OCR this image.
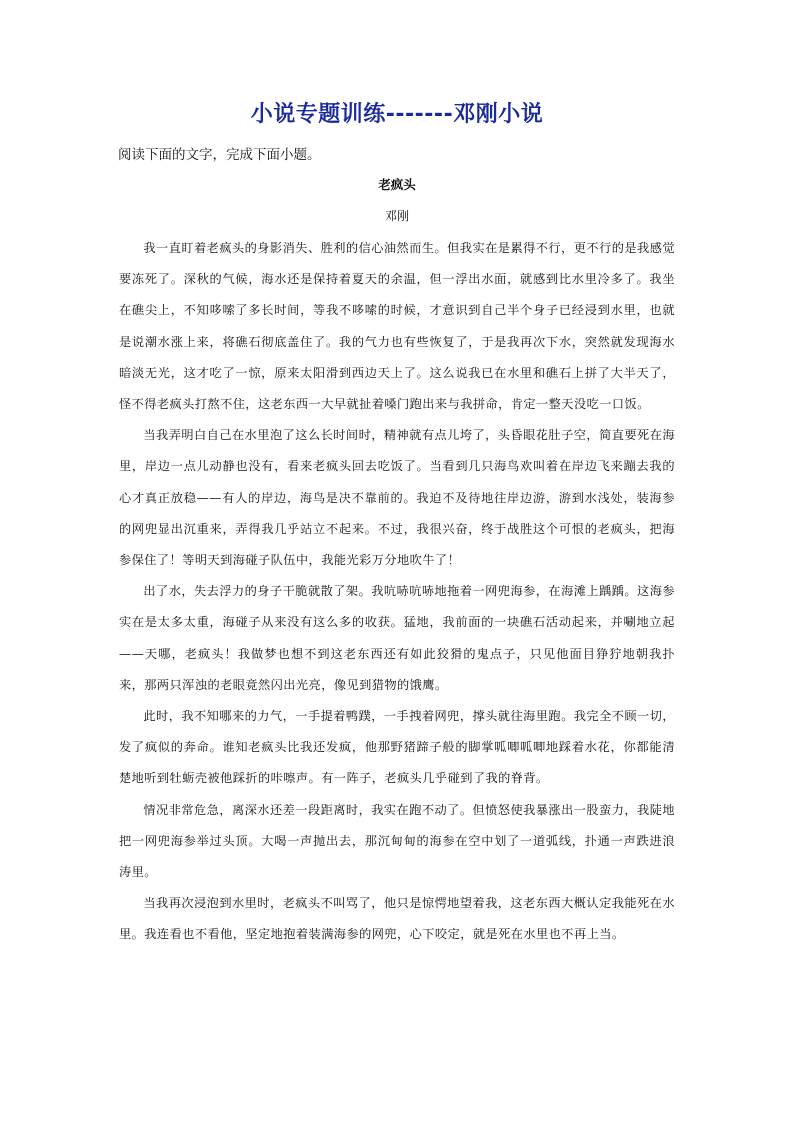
小说专题训练-------邓刚小说
阅读下面的文字，完成下面小题。
老疯头
邓刚

我一直盯着老疯头的身影消失、胜利的信心油然而生。但我实在是累得不行，更不行的是我感觉要冻死了。深秋的气候，海水还是保持着夏天的余温，但一浮出水面，就感到比水里冷多了。我坐在礁尖上，不知哆嗦了多长时间，等我不哆嗦的时候，才意识到自己半个身子已经浸到水里，也就是说潮水涨上来，将礁石彻底盖住了。我的气力也有些恢复了，于是我再次下水，突然就发现海水暗淡无光，这才吃了一惊，原来太阳滑到西边天上了。这么说我已在水里和礁石上拼了大半天了，怪不得老疯头打熬不住，这老东西一大早就扯着嗓门跑出来与我拼命，肯定一整天没吃一口饭。

当我弄明白自己在水里泡了这么长时间时，精神就有点儿垮了，头昏眼花肚子空，简直要死在海里，岸边一点儿动静也没有，看来老疯头回去吃饭了。当看到几只海鸟欢叫着在岸边飞来蹦去我的心才真正放稳——有人的岸边，海鸟是决不靠前的。我迫不及待地往岸边游，游到水浅处，装海参的网兜显出沉重来，弄得我几乎站立不起来。不过，我很兴奋，终于战胜这个可恨的老疯头，把海参保住了！等明天到海碰子队伍中，我能光彩万分地吹牛了！

出了水，失去浮力的身子干脆就散了架。我吭哧吭哧地拖着一网兜海参，在海滩上踽踽。这海参实在是太多太重，海碰子从来没有这么多的收获。猛地，我前面的一块礁石活动起来，并唰地立起——天哪，老疯头！我做梦也想不到这老东西还有如此狡猾的鬼点子，只见他面目狰狞地朝我扑来，那两只浑浊的老眼竟然闪出光亮，像见到猎物的饿鹰。

此时，我不知哪来的力气，一手提着鸭蹼，一手拽着网兜，撑头就往海里跑。我完全不顾一切，发了疯似的奔命。谁知老疯头比我还发疯，他那野猪蹄子般的脚掌呱唧呱唧地踩着水花，你都能清楚地听到牡蛎壳被他踩折的咔嚓声。有一阵子，老疯头几乎碰到了我的脊背。

情况非常危急，离深水还差一段距离时，我实在跑不动了。但愤怒使我暴涨出一股蛮力，我陡地把一网兜海参举过头顶。大喝一声抛出去，那沉甸甸的海参在空中划了一道弧线，扑通一声跌进浪涛里。

当我再次浸泡到水里时，老疯头不叫骂了，他只是惊愕地望着我，这老东西大概认定我能死在水里。我连看也不看他，坚定地抱着装满海参的网兜，心下咬定，就是死在水里也不再上当。
